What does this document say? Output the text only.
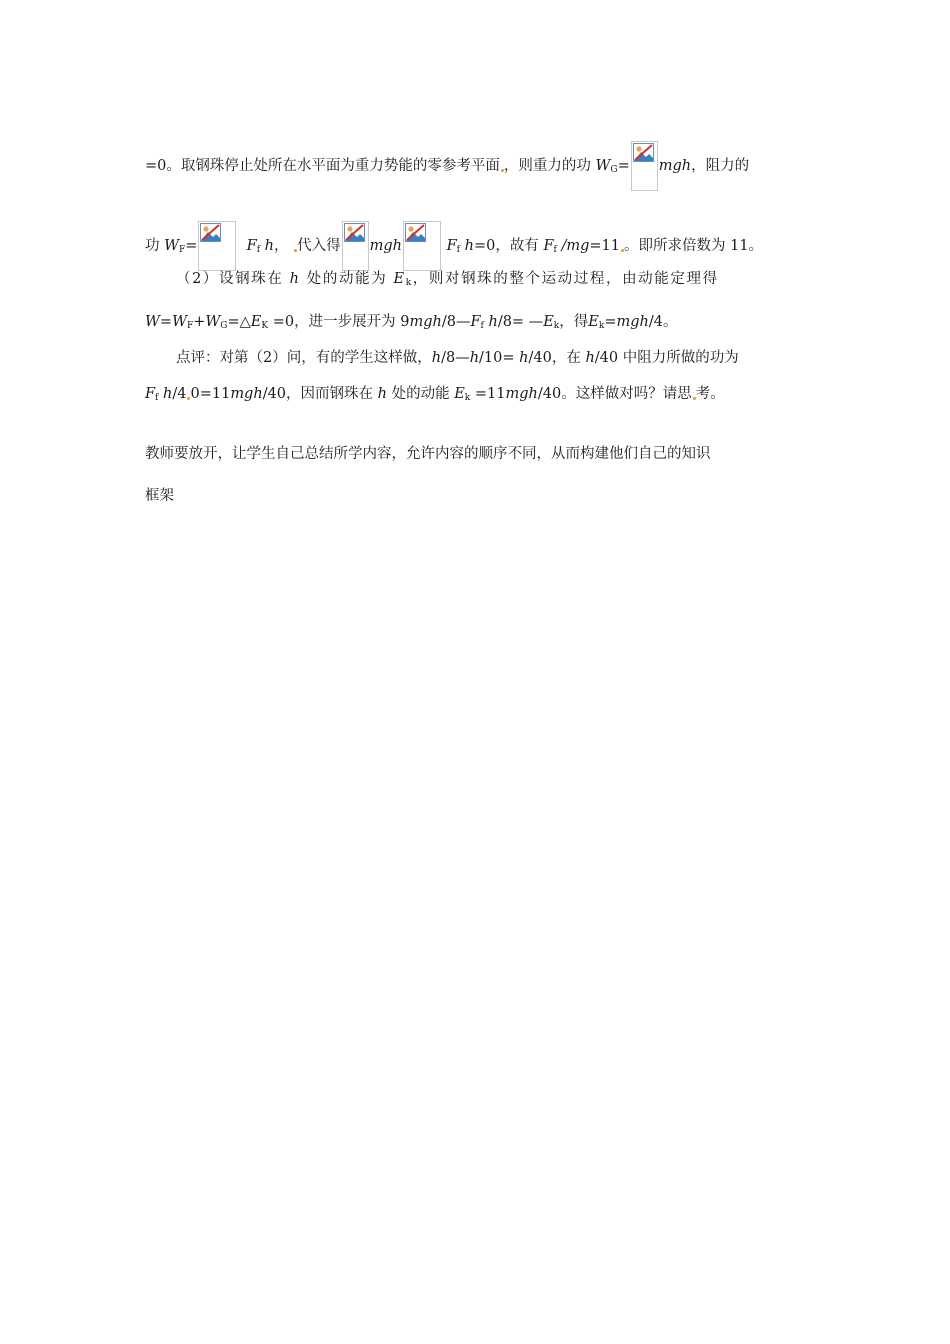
=0。取钢珠停止处所在水平面为重力势能的零参考平面 ，则重力的功 $W_G=$ mgh，阻力的
功 $W_F=$	$F_f$ h， 代入得 mgh	$F_f$ h=0，故有 $F_f$ /mg=11 。即所求倍数为 11。
（2）设钢珠在 h 处的动能为 $E_k$，则对钢珠的整个运动过程，由动能定理得
$W=W_F+W_G=\triangle E_K =0$，进一步展开为 $9mgh/8—F_f$ $h/8= —E_k$，得$E_k=mgh/4$。
点评：对第（2）问，有的学生这样做，h/8—h/10= h/40，在 h/40 中阻力所做的功为
$F_f$ h/4 0=11mgh/40，因而钢珠在 h 处的动能 $E_k =11mgh/40$。这样做对吗？请思 考。
教师要放开，让学生自己总结所学内容，允许内容的顺序不同，从而构建他们自己的知识
框架
